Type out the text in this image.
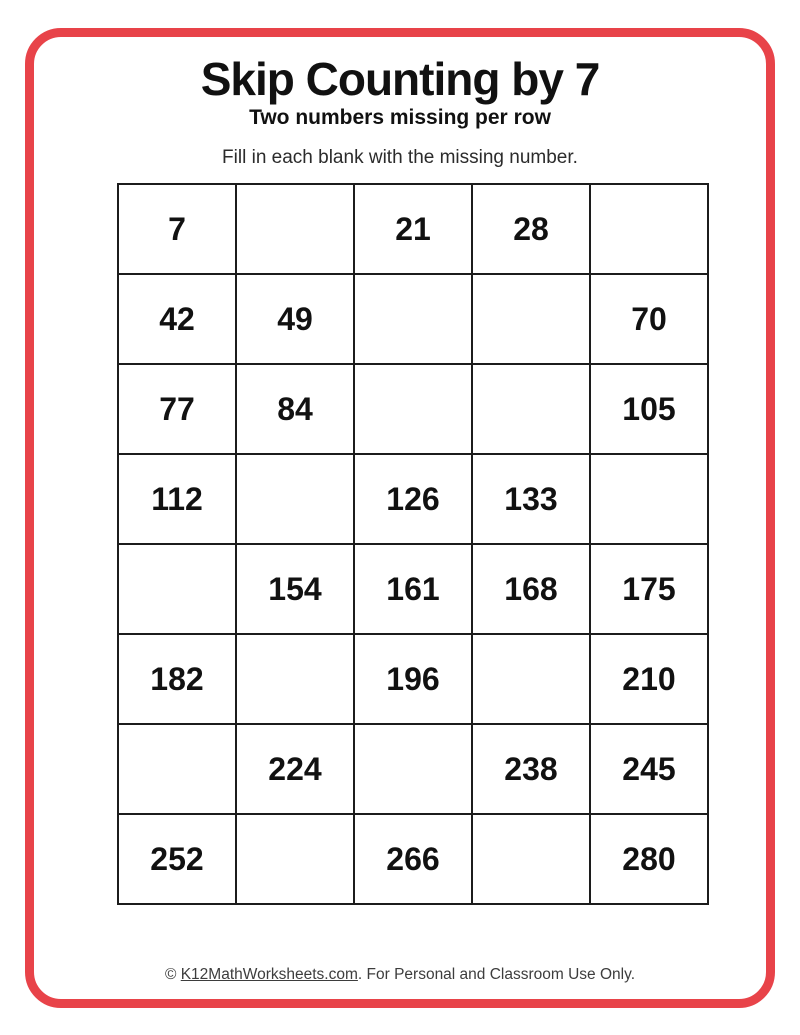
Skip Counting by 7
Two numbers missing per row

Fill in each blank with the missing number.

7		21	28	
42	49			70
77	84			105
112		126	133	
	154	161	168	175
182		196		210
	224		238	245
252		266		280

© K12MathWorksheets.com. For Personal and Classroom Use Only.
